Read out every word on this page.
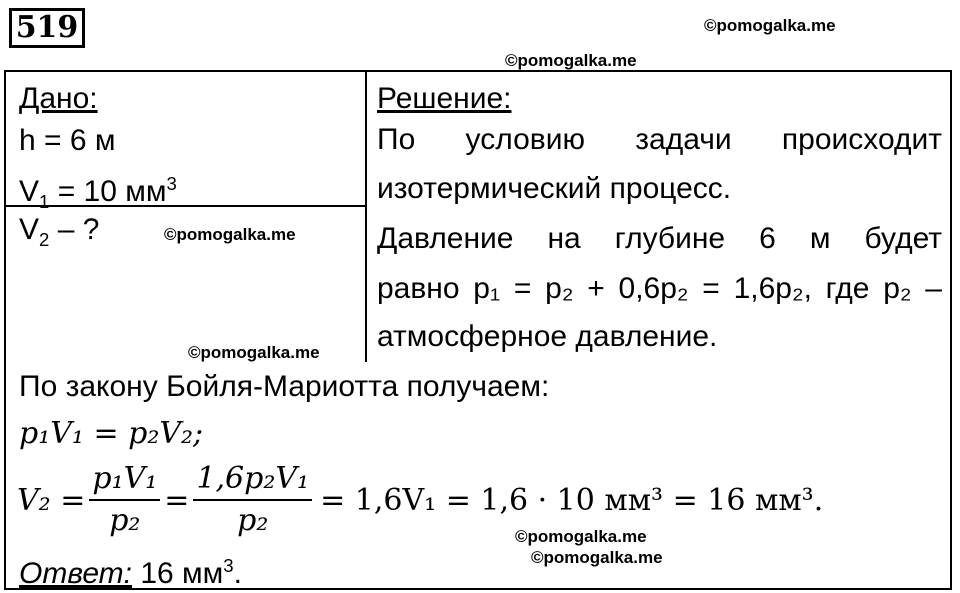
519	©pomogalka.me
©pomogalka.me
Дано:
h = 6 м
$V_1 = 10$ $мм^3$
$V_2$ – ?	©pomogalka.me
©pomogalka.me
Решение:
По условию задачи происходит
изотермический процесс.
Давление на глубине 6 м будет
равно p₁ = p₂ + 0,6p₂ = 1,6p₂, где p₂ –
атмосферное давление.
По закону Бойля-Мариотта получаем:
p₁V₁ = p₂V₂;
$V_2 = \frac{\text{p₁V₁}}{\text{p₂}} = \frac{\text{1,6p₂V₁}}{\text{p₂}} = 1,6V_1 = 1,6 \cdot 10$ мм³ = 16 мм³.
©pomogalka.me
©pomogalka.me
Ответ: 16 $мм^3$.
